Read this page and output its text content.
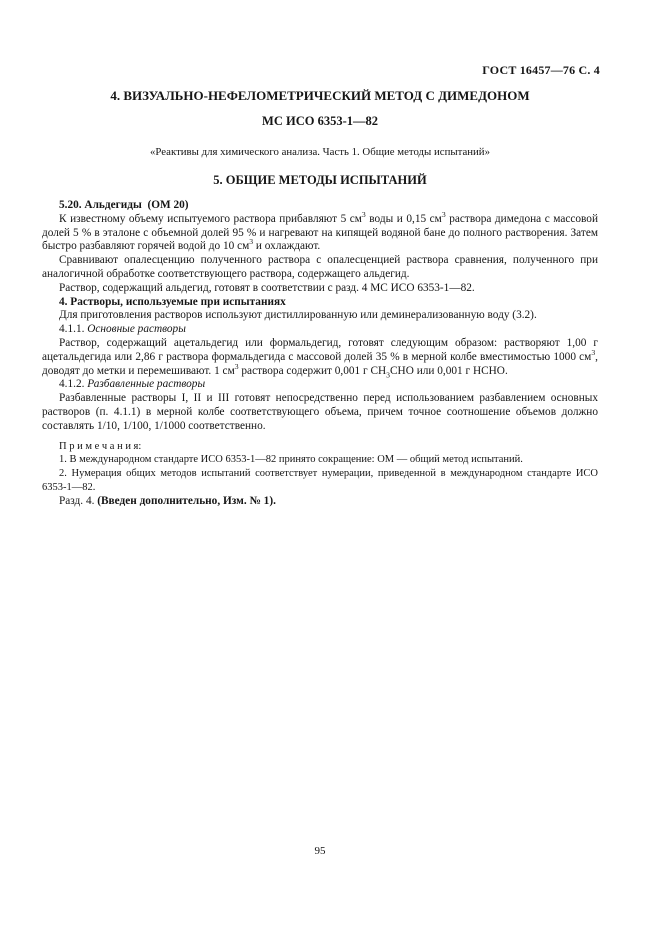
ГОСТ 16457—76 С. 4
4. ВИЗУАЛЬНО-НЕФЕЛОМЕТРИЧЕСКИЙ МЕТОД С ДИМЕДОНОМ
МС ИСО 6353-1—82
«Реактивы для химического анализа. Часть 1. Общие методы испытаний»
5. ОБЩИЕ МЕТОДЫ ИСПЫТАНИЙ

5.20. Альдегиды  (ОМ 20)

К известному объему испытуемого раствора прибавляют 5 $см^3$ воды и 0,15 $см^3$ раствора димедона с массовой долей 5 % в эталоне с объемной долей 95 % и нагревают на кипящей водяной бане до полного растворения. Затем быстро разбавляют горячей водой до 10 $см^3$ и охлаждают.

Сравнивают опалесценцию полученного раствора с опалесценцией раствора сравнения, полученного при аналогичной обработке соответствующего раствора, содержащего альдегид.

Раствор, содержащий альдегид, готовят в соответствии с разд. 4 МС ИСО 6353-1—82.

4. Растворы, используемые при испытаниях

Для приготовления растворов используют дистиллированную или деминерализованную воду (3.2).

4.1.1. Основные растворы

Раствор, содержащий ацетальдегид или формальдегид, готовят следующим образом: растворяют 1,00 г ацетальдегида или 2,86 г раствора формальдегида с массовой долей 35 % в мерной колбе вместимостью 1000 $см^3$, доводят до метки и перемешивают. 1 $см^3$ раствора содержит 0,001 г $CH_3CHO$ или 0,001 г HCHO.

4.1.2. Разбавленные растворы

Разбавленные растворы I, II и III готовят непосредственно перед использованием разбавлением основных растворов (п. 4.1.1) в мерной колбе соответствующего объема, причем точное соотношение объемов должно составлять 1/10, 1/100, 1/1000 соответственно.

П р и м е ч а н и я:

1. В международном стандарте ИСО 6353-1—82 принято сокращение: ОМ — общий метод испытаний.

2. Нумерация общих методов испытаний соответствует нумерации, приведенной в международном стандарте ИСО 6353-1—82.

Разд. 4. (Введен дополнительно, Изм. № 1).

95
